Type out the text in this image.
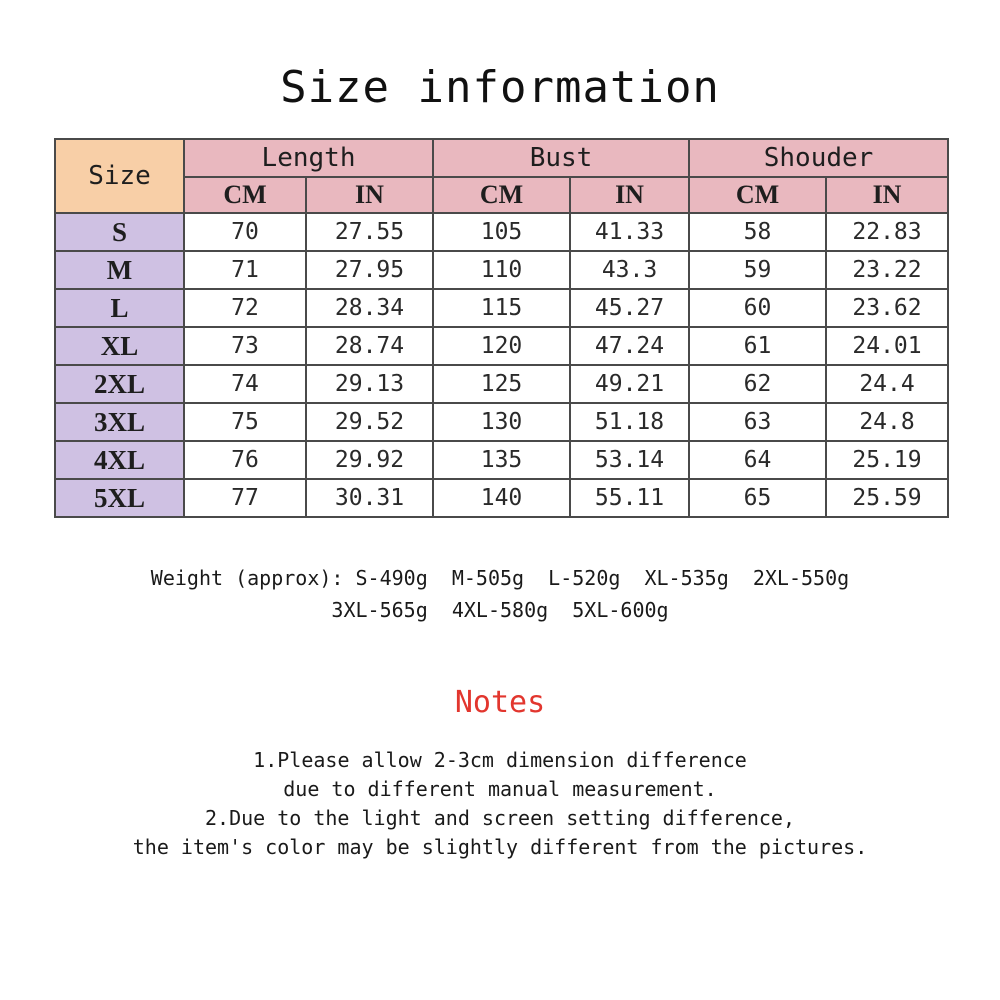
Size information
Size	Length		Bust		Shouder	
	CM	IN	CM	IN	CM	IN
S	70	27.55	105	41.33	58	22.83
M	71	27.95	110	43.3	59	23.22
L	72	28.34	115	45.27	60	23.62
XL	73	28.74	120	47.24	61	24.01
2XL	74	29.13	125	49.21	62	24.4
3XL	75	29.52	130	51.18	63	24.8
4XL	76	29.92	135	53.14	64	25.19
5XL	77	30.31	140	55.11	65	25.59
Weight (approx): S-490g  M-505g  L-520g  XL-535g  2XL-550g
3XL-565g  4XL-580g  5XL-600g
Notes
1.Please allow 2-3cm dimension difference
due to different manual measurement.
2.Due to the light and screen setting difference,
the item's color may be slightly different from the pictures.
